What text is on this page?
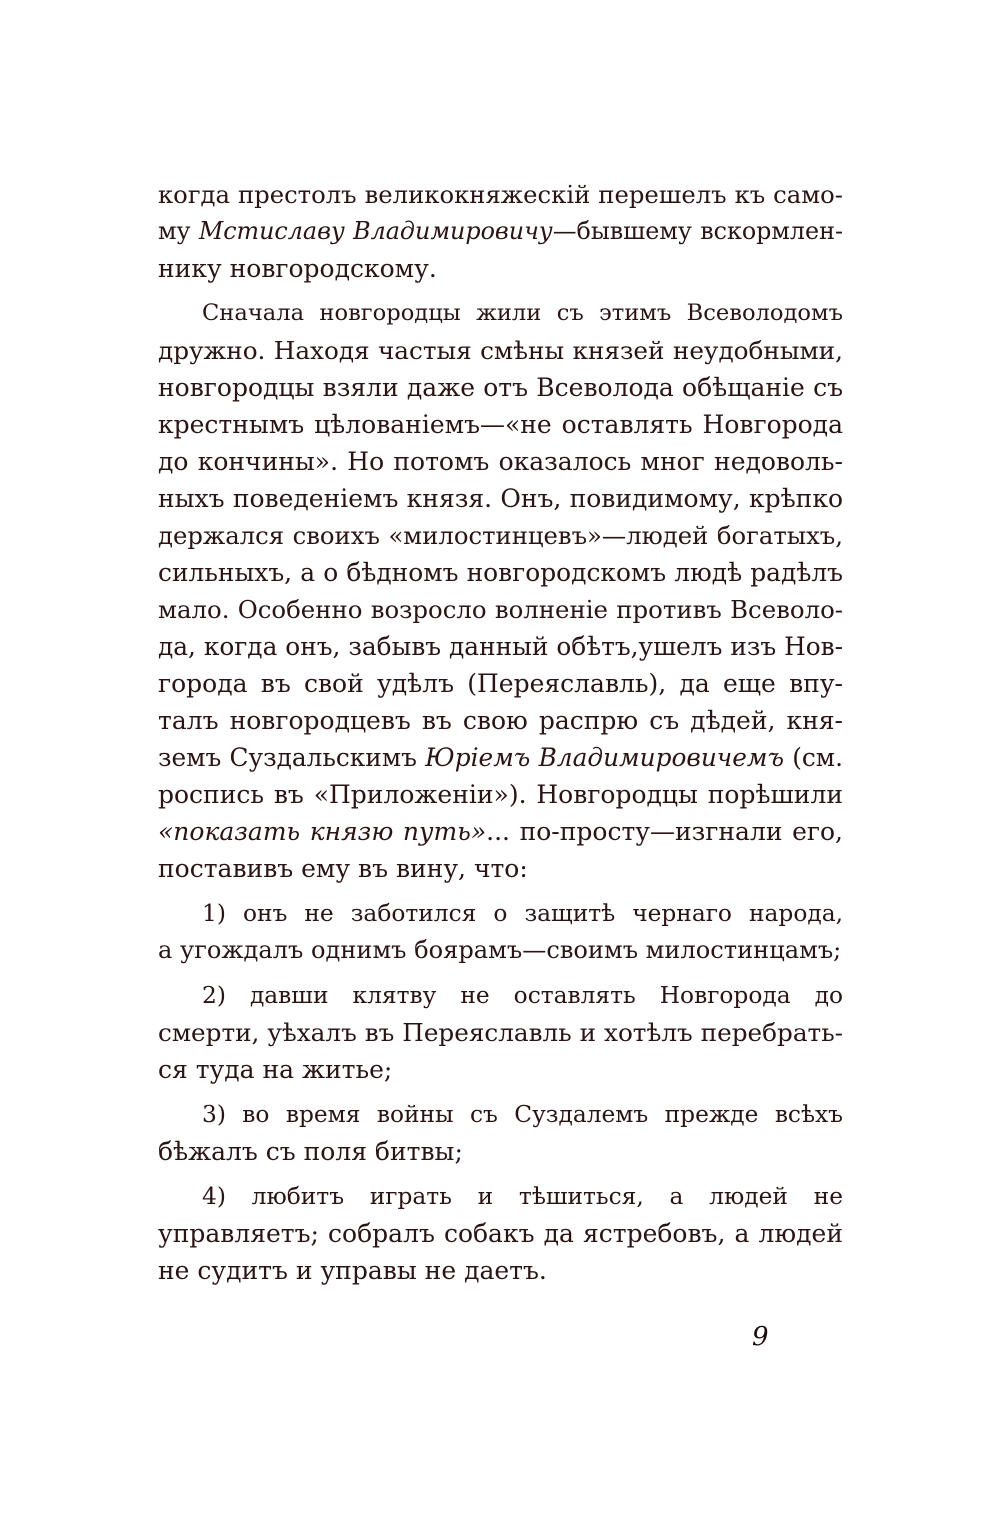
когда престолъ великокняжескій перешелъ къ само-
му Мстиславу Владимировичу—бывшему вскормлен-
нику новгородскому.
Сначала новгородцы жили съ этимъ Всеволодомъ
дружно. Находя частыя смѣны князей неудобными,
новгородцы взяли даже отъ Всеволода обѣщаніе съ
крестнымъ цѣлованіемъ—«не оставлять Новгорода
до кончины». Но потомъ оказалось мног недоволь-
ныхъ поведеніемъ князя. Онъ, повидимому, крѣпко
держался своихъ «милостинцевъ»—людей богатыхъ,
сильныхъ, а о бѣдномъ новгородскомъ людѣ радѣлъ
мало. Особенно возросло волненіе противъ Всеволо-
да, когда онъ, забывъ данный обѣтъ,ушелъ изъ Нов-
города въ свой удѣлъ (Переяславль), да еще впу-
талъ новгородцевъ въ свою распрю съ дѣдей, кня-
земъ Суздальскимъ Юріемъ Владимировичемъ (см.
роспись въ «Приложеніи»). Новгородцы порѣшили
«показать князю путь»... по-просту—изгнали его,
поставивъ ему въ вину, что:
1) онъ не заботился о защитѣ чернаго народа,
а угождалъ однимъ боярамъ—своимъ милостинцамъ;
2) давши клятву не оставлять Новгорода до
смерти, уѣхалъ въ Переяславль и хотѣлъ перебрать-
ся туда на житье;
3) во время войны съ Суздалемъ прежде всѣхъ
бѣжалъ съ поля битвы;
4) любитъ играть и тѣшиться, а людей не
управляетъ; собралъ собакъ да ястребовъ, а людей
не судитъ и управы не даетъ.
9
